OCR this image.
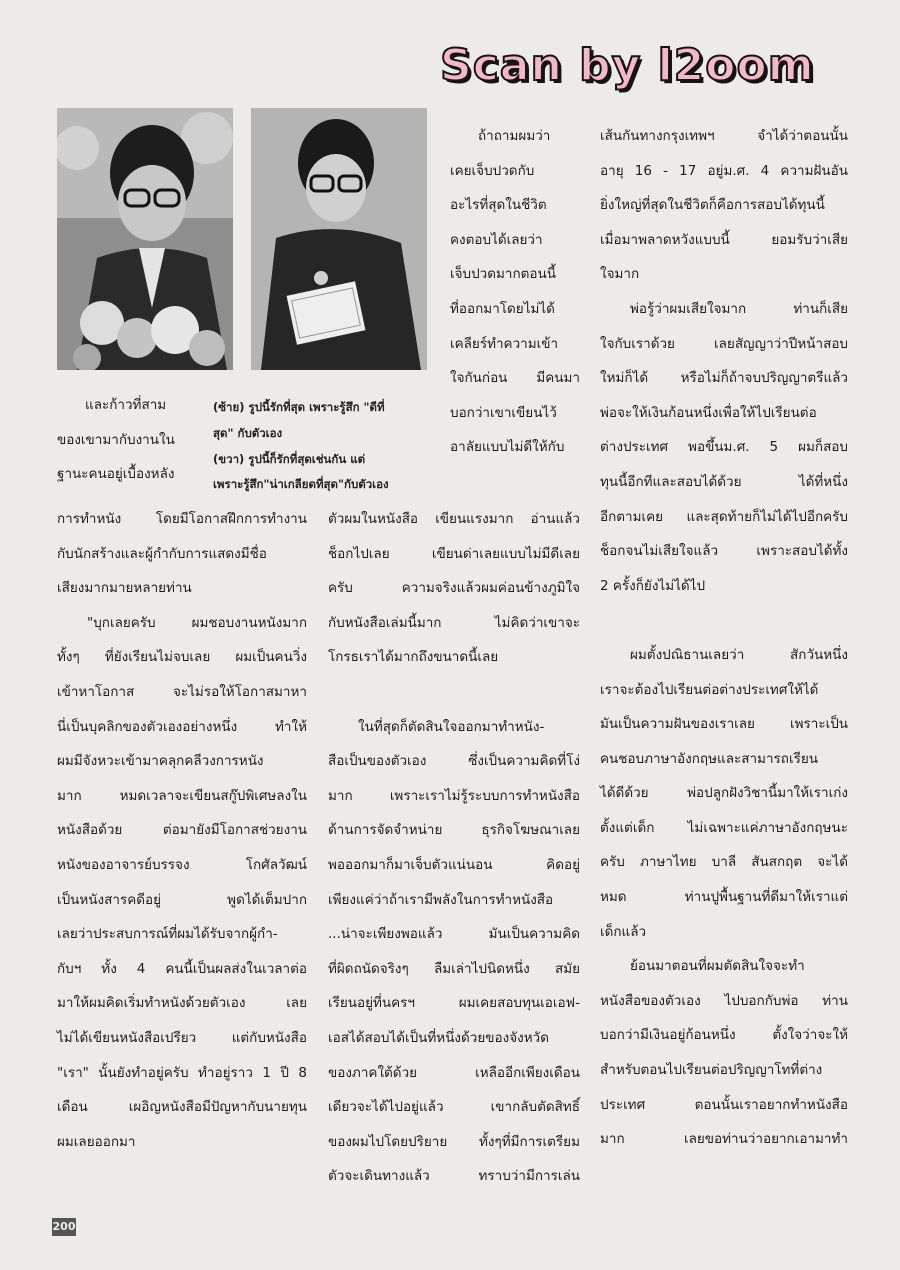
Scan by l2oom
และก้าวที่สาม
ของเขามากับงานใน
ฐานะคนอยู่เบื้องหลัง
การทำหนัง โดยมีโอกาสฝึกการทำงาน
กับนักสร้างและผู้กำกับการแสดงมีชื่อ
เสียงมากมายหลายท่าน
"บุกเลยครับ ผมชอบงานหนังมาก
ทั้งๆ ที่ยังเรียนไม่จบเลย ผมเป็นคนวิ่ง
เข้าหาโอกาส จะไม่รอให้โอกาสมาหา
นี่เป็นบุคลิกของตัวเองอย่างหนึ่ง ทำให้
ผมมีจังหวะเข้ามาคลุกคลีวงการหนัง
มาก หมดเวลาจะเขียนสกู๊ปพิเศษลงใน
หนังสือด้วย ต่อมายังมีโอกาสช่วยงาน
หนังของอาจารย์บรรจง โกศัลวัฒน์
เป็นหนังสารคดีอยู่ พูดได้เต็มปาก
เลยว่าประสบการณ์ที่ผมได้รับจากผู้กำ-
กับฯ ทั้ง 4 คนนี้เป็นผลส่งในเวลาต่อ
มาให้ผมคิดเริ่มทำหนังด้วยตัวเอง เลย
ไม่ได้เขียนหนังสือเปรียว แต่กับหนังสือ
"เรา" นั้นยังทำอยู่ครับ ทำอยู่ราว 1 ปี 8
เดือน เผอิญหนังสือมีปัญหากับนายทุน
ผมเลยออกมา
(ซ้าย) รูปนี้รักที่สุด เพราะรู้สึก "ดีที่
สุด" กับตัวเอง
(ขวา) รูปนี้ก็รักที่สุดเช่นกัน แต่
เพราะรู้สึก"น่าเกลียดที่สุด"กับตัวเอง
ถ้าถามผมว่า
เคยเจ็บปวดกับ
อะไรที่สุดในชีวิต
คงตอบได้เลยว่า
เจ็บปวดมากตอนนี้
ที่ออกมาโดยไม่ได้
เคลียร์ทำความเข้า
ใจกันก่อน มีคนมา
บอกว่าเขาเขียนไว้
อาลัยแบบไม่ดีให้กับ
ตัวผมในหนังสือ เขียนแรงมาก อ่านแล้ว
ช็อกไปเลย เขียนด่าเลยแบบไม่มีดีเลย
ครับ ความจริงแล้วผมค่อนข้างภูมิใจ
กับหนังสือเล่มนี้มาก ไม่คิดว่าเขาจะ
โกรธเราได้มากถึงขนาดนี้เลย
ในที่สุดก็ตัดสินใจออกมาทำหนัง-
สือเป็นของตัวเอง ซึ่งเป็นความคิดที่โง่
มาก เพราะเราไม่รู้ระบบการทำหนังสือ
ด้านการจัดจำหน่าย ธุรกิจโฆษณาเลย
พอออกมาก็มาเจ็บตัวแน่นอน คิดอยู่
เพียงแค่ว่าถ้าเรามีพลังในการทำหนังสือ
...น่าจะเพียงพอแล้ว มันเป็นความคิด
ที่ผิดถนัดจริงๆ ลืมเล่าไปนิดหนึ่ง สมัย
เรียนอยู่ที่นครฯ ผมเคยสอบทุนเอเอฟ-
เอสได้สอบได้เป็นที่หนึ่งด้วยของจังหวัด
ของภาคใต้ด้วย เหลืออีกเพียงเดือน
เดียวจะได้ไปอยู่แล้ว เขากลับตัดสิทธิ์
ของผมไปโดยปริยาย ทั้งๆที่มีการเตรียม
ตัวจะเดินทางแล้ว ทราบว่ามีการเล่น
เส้นกันทางกรุงเทพฯ จำได้ว่าตอนนั้น
อายุ 16 - 17 อยู่ม.ศ. 4 ความฝันอัน
ยิ่งใหญ่ที่สุดในชีวิตก็คือการสอบได้ทุนนี้
เมื่อมาพลาดหวังแบบนี้ ยอมรับว่าเสีย
ใจมาก
พ่อรู้ว่าผมเสียใจมาก ท่านก็เสีย
ใจกับเราด้วย เลยสัญญาว่าปีหน้าสอบ
ใหม่ก็ได้ หรือไม่ก็ถ้าจบปริญญาตรีแล้ว
พ่อจะให้เงินก้อนหนึ่งเพื่อให้ไปเรียนต่อ
ต่างประเทศ พอขึ้นม.ศ. 5 ผมก็สอบ
ทุนนี้อีกทีและสอบได้ด้วย ได้ที่หนึ่ง
อีกตามเคย และสุดท้ายก็ไม่ได้ไปอีกครับ
ช็อกจนไม่เสียใจแล้ว เพราะสอบได้ทั้ง
2 ครั้งก็ยังไม่ได้ไป
ผมตั้งปณิธานเลยว่า สักวันหนึ่ง
เราจะต้องไปเรียนต่อต่างประเทศให้ได้
มันเป็นความฝันของเราเลย เพราะเป็น
คนชอบภาษาอังกฤษและสามารถเรียน
ได้ดีด้วย พ่อปลูกฝังวิชานี้มาให้เราเก่ง
ตั้งแต่เด็ก ไม่เฉพาะแค่ภาษาอังกฤษนะ
ครับ ภาษาไทย บาลี สันสกฤต จะได้
หมด ท่านปูพื้นฐานที่ดีมาให้เราแต่
เด็กแล้ว
ย้อนมาตอนที่ผมตัดสินใจจะทำ
หนังสือของตัวเอง ไปบอกกับพ่อ ท่าน
บอกว่ามีเงินอยู่ก้อนหนึ่ง ตั้งใจว่าจะให้
สำหรับตอนไปเรียนต่อปริญญาโทที่ต่าง
ประเทศ ตอนนั้นเราอยากทำหนังสือ
มาก เลยขอท่านว่าอยากเอามาทำ
200
